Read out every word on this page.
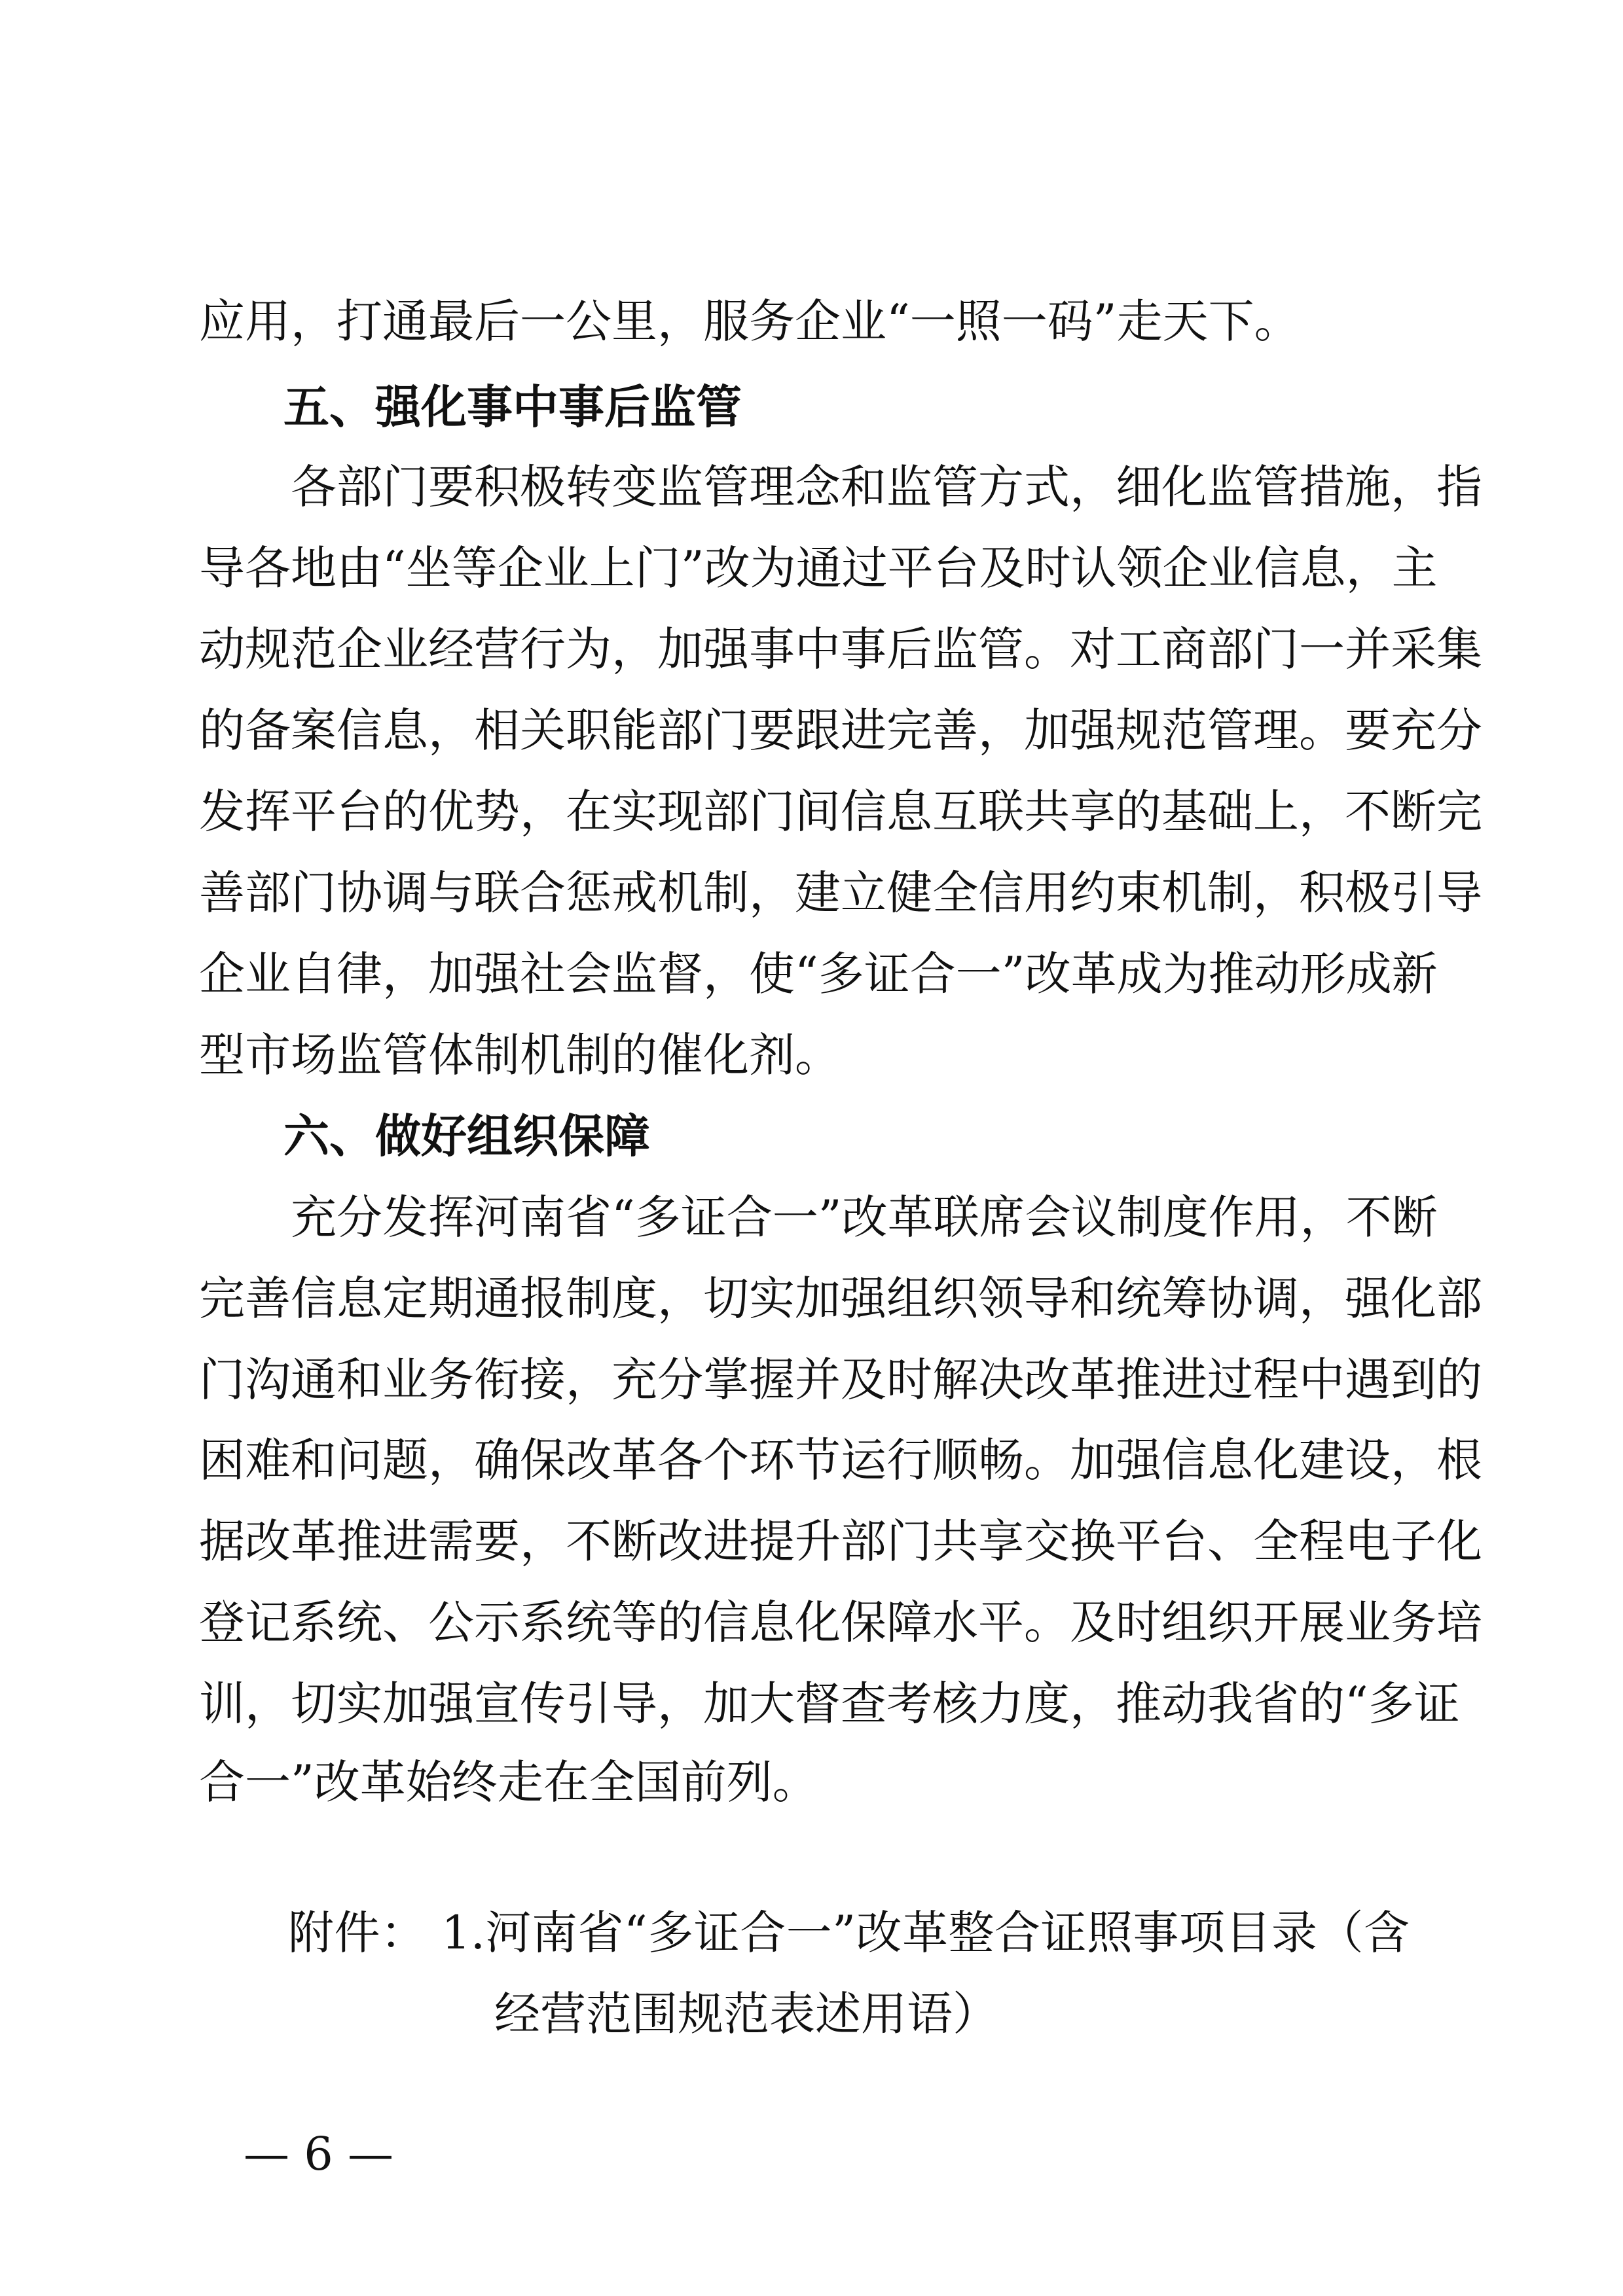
应用，打通最后一公里，服务企业“一照一码”走天下。
五、强化事中事后监管
各部门要积极转变监管理念和监管方式，细化监管措施，指
导各地由“坐等企业上门”改为通过平台及时认领企业信息，主
动规范企业经营行为，加强事中事后监管。对工商部门一并采集
的备案信息，相关职能部门要跟进完善，加强规范管理。要充分
发挥平台的优势，在实现部门间信息互联共享的基础上，不断完
善部门协调与联合惩戒机制，建立健全信用约束机制，积极引导
企业自律，加强社会监督，使“多证合一”改革成为推动形成新
型市场监管体制机制的催化剂。
六、做好组织保障
充分发挥河南省“多证合一”改革联席会议制度作用，不断
完善信息定期通报制度，切实加强组织领导和统筹协调，强化部
门沟通和业务衔接，充分掌握并及时解决改革推进过程中遇到的
困难和问题，确保改革各个环节运行顺畅。加强信息化建设，根
据改革推进需要，不断改进提升部门共享交换平台、全程电子化
登记系统、公示系统等的信息化保障水平。及时组织开展业务培
训，切实加强宣传引导，加大督查考核力度，推动我省的“多证
合一”改革始终走在全国前列。
附件： 1.河南省“多证合一”改革整合证照事项目录（含
经营范围规范表述用语）
— 6 —
